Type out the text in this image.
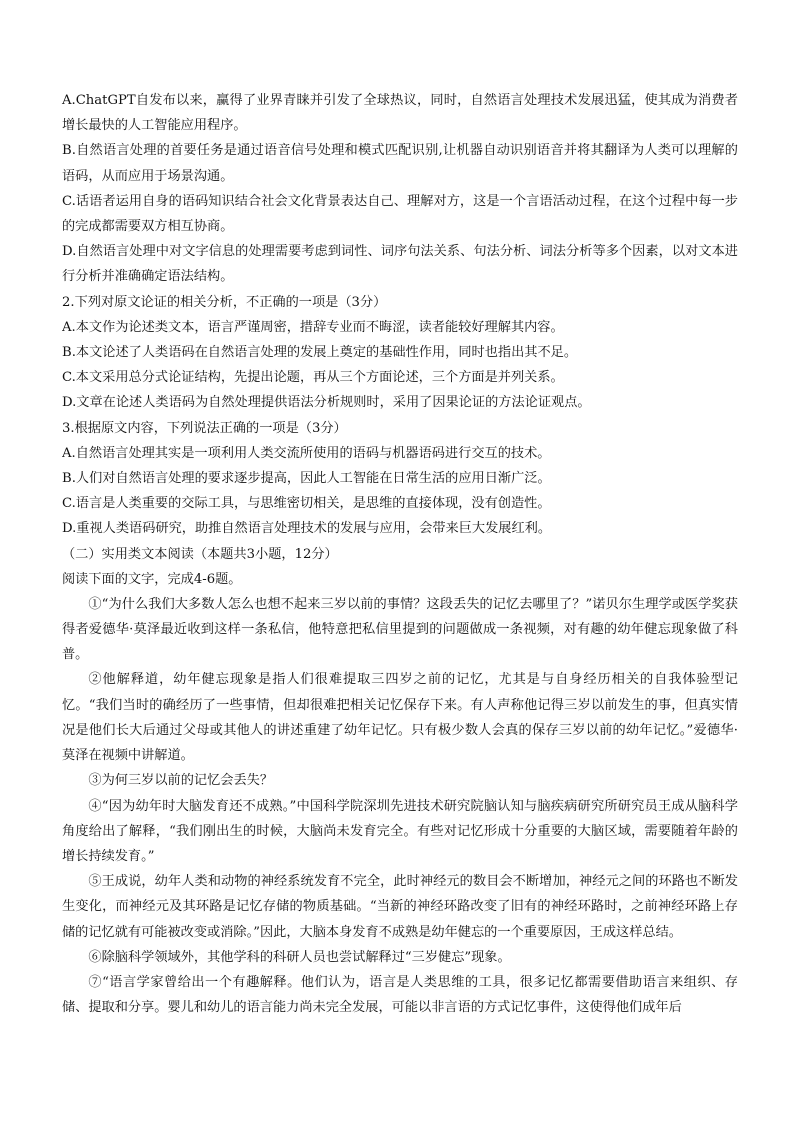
A.ChatGPT自发布以来，赢得了业界青睐并引发了全球热议，同时，自然语言处理技术发展迅猛，使其成为消费者增长最快的人工智能应用程序。

B.自然语言处理的首要任务是通过语音信号处理和模式匹配识别,让机器自动识别语音并将其翻译为人类可以理解的语码，从而应用于场景沟通。

C.话语者运用自身的语码知识结合社会文化背景表达自己、理解对方，这是一个言语活动过程，在这个过程中每一步的完成都需要双方相互协商。

D.自然语言处理中对文字信息的处理需要考虑到词性、词序句法关系、句法分析、词法分析等多个因素，以对文本进行分析并准确确定语法结构。

2.下列对原文论证的相关分析，不正确的一项是（3分）
A.本文作为论述类文本，语言严谨周密，措辞专业而不晦涩，读者能较好理解其内容。
B.本文论述了人类语码在自然语言处理的发展上奠定的基础性作用，同时也指出其不足。
C.本文采用总分式论证结构，先提出论题，再从三个方面论述，三个方面是并列关系。
D.文章在论述人类语码为自然处理提供语法分析规则时，采用了因果论证的方法论证观点。
3.根据原文内容，下列说法正确的一项是（3分）
A.自然语言处理其实是一项利用人类交流所使用的语码与机器语码进行交互的技术。
B.人们对自然语言处理的要求逐步提高，因此人工智能在日常生活的应用日渐广泛。
C.语言是人类重要的交际工具，与思维密切相关，是思维的直接体现，没有创造性。
D.重视人类语码研究，助推自然语言处理技术的发展与应用，会带来巨大发展红利。
（二）实用类文本阅读（本题共3小题，12分）
阅读下面的文字，完成4-6题。

①“为什么我们大多数人怎么也想不起来三岁以前的事情？这段丢失的记忆去哪里了？”诺贝尔生理学或医学奖获得者爱德华·莫泽最近收到这样一条私信，他特意把私信里提到的问题做成一条视频，对有趣的幼年健忘现象做了科普。

②他解释道，幼年健忘现象是指人们很难提取三四岁之前的记忆，尤其是与自身经历相关的自我体验型记忆。“我们当时的确经历了一些事情，但却很难把相关记忆保存下来。有人声称他记得三岁以前发生的事，但真实情况是他们长大后通过父母或其他人的讲述重建了幼年记忆。只有极少数人会真的保存三岁以前的幼年记忆。”爱德华·莫泽在视频中讲解道。

③为何三岁以前的记忆会丢失？

④“因为幼年时大脑发育还不成熟。”中国科学院深圳先进技术研究院脑认知与脑疾病研究所研究员王成从脑科学角度给出了解释，“我们刚出生的时候，大脑尚未发育完全。有些对记忆形成十分重要的大脑区域，需要随着年龄的增长持续发育。”

⑤王成说，幼年人类和动物的神经系统发育不完全，此时神经元的数目会不断增加，神经元之间的环路也不断发生变化，而神经元及其环路是记忆存储的物质基础。“当新的神经环路改变了旧有的神经环路时，之前神经环路上存储的记忆就有可能被改变或消除。”因此，大脑本身发育不成熟是幼年健忘的一个重要原因，王成这样总结。

⑥除脑科学领域外，其他学科的科研人员也尝试解释过“三岁健忘”现象。

⑦“语言学家曾给出一个有趣解释。他们认为，语言是人类思维的工具，很多记忆都需要借助语言来组织、存储、提取和分享。婴儿和幼儿的语言能力尚未完全发展，可能以非言语的方式记忆事件，这使得他们成年后
